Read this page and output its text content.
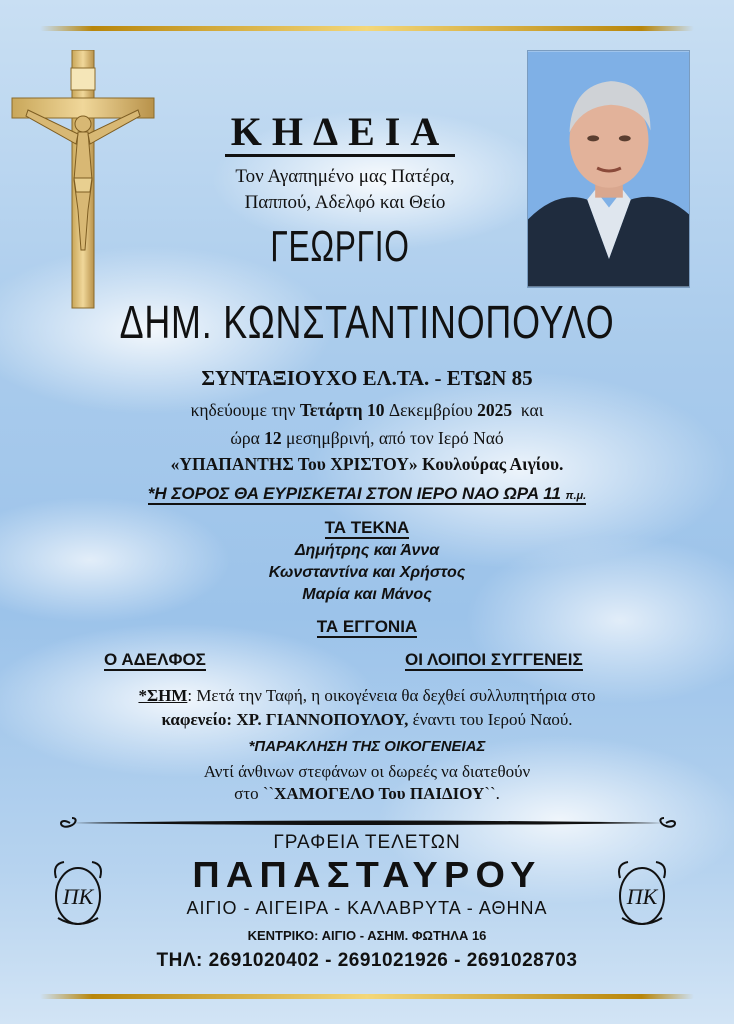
ΚΗΔΕΙΑ
Τον Αγαπημένο μας Πατέρα,
Παππού, Αδελφό και Θείο
ΓΕΩΡΓΙΟ
ΔΗΜ. ΚΩΝΣΤΑΝΤΙΝΟΠΟΥΛΟ
ΣΥΝΤΑΞΙΟΥΧΟ ΕΛ.ΤΑ. - ΕΤΩΝ 85
κηδεύουμε την Τετάρτη 10 Δεκεμβρίου 2025 και
ώρα 12 μεσημβρινή, από τον Ιερό Ναό
«ΥΠΑΠΑΝΤΗΣ Του ΧΡΙΣΤΟΥ» Κουλούρας Αιγίου.
*Η ΣΟΡΟΣ ΘΑ ΕΥΡΙΣΚΕΤΑΙ ΣΤΟΝ ΙΕΡΟ ΝΑΟ ΩΡΑ 11 π.μ.
ΤΑ ΤΕΚΝΑ
Δημήτρης και Άννα
Κωνσταντίνα και Χρήστος
Μαρία και Μάνος
ΤΑ ΕΓΓΟΝΙΑ
Ο ΑΔΕΛΦΟΣ	ΟΙ ΛΟΙΠΟΙ ΣΥΓΓΕΝΕΙΣ
*ΣΗΜ: Μετά την Ταφή, η οικογένεια θα δεχθεί συλλυπητήρια στο
καφενείο: ΧΡ. ΓΙΑΝΝΟΠΟΥΛΟΥ, έναντι του Ιερού Ναού.
*ΠΑΡΑΚΛΗΣΗ ΤΗΣ ΟΙΚΟΓΕΝΕΙΑΣ
Αντί άνθινων στεφάνων οι δωρεές να διατεθούν
στο ``ΧΑΜΟΓΕΛΟ Του ΠΑΙΔΙΟΥ``.
ΓΡΑΦΕΙΑ ΤΕΛΕΤΩΝ
ΠΑΠΑΣΤΑΥΡΟΥ
ΑΙΓΙΟ - ΑΙΓΕΙΡΑ - ΚΑΛΑΒΡΥΤΑ - ΑΘΗΝΑ
ΚΕΝΤΡΙΚΟ: ΑΙΓΙΟ - ΑΣΗΜ. ΦΩΤΗΛΑ 16
ΤΗΛ: 2691020402 - 2691021926 - 2691028703
ΠΚ	ΠΚ
